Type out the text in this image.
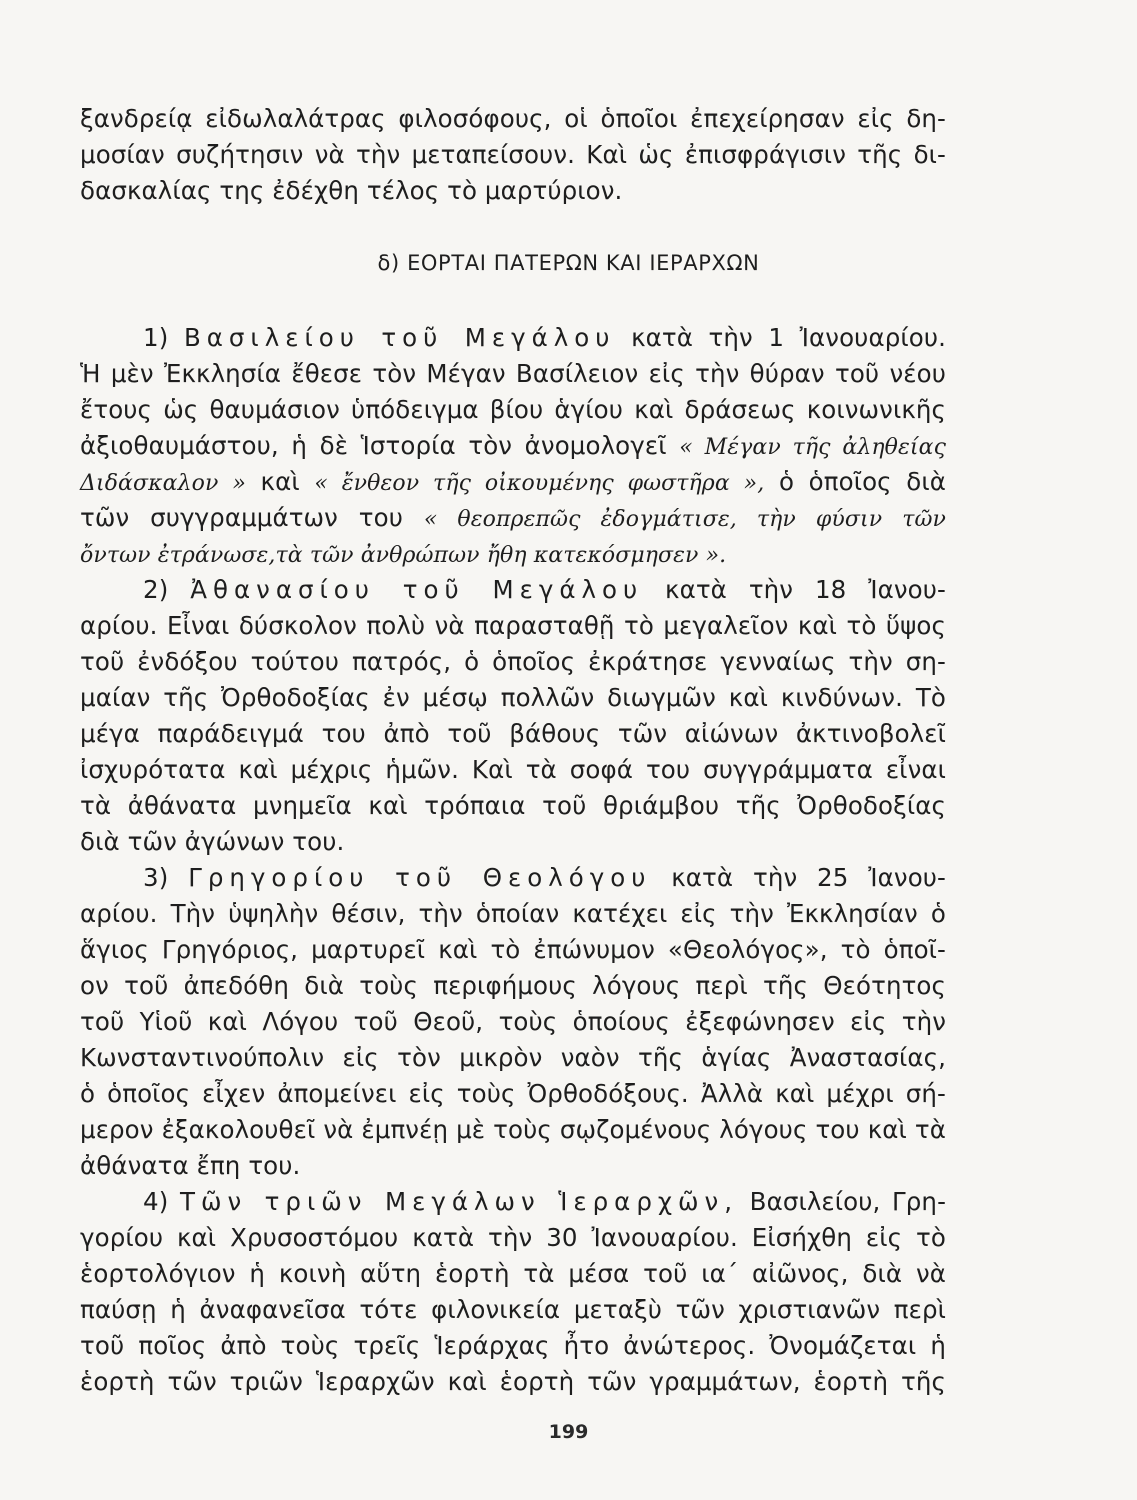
ξανδρείᾳ εἰδωλαλάτρας φιλοσόφους, οἱ ὁποῖοι ἐπεχείρησαν εἰς δη-
μοσίαν συζήτησιν νὰ τὴν μεταπείσουν. Καὶ ὡς ἐπισφράγισιν τῆς δι-
δασκαλίας της ἐδέχθη τέλος τὸ μαρτύριον.
δ) ΕΟΡΤΑΙ ΠΑΤΕΡΩΝ ΚΑΙ ΙΕΡΑΡΧΩΝ
1) Βασιλείου τοῦ Μεγάλου κατὰ τὴν 1 Ἰανουαρίου.
Ἡ μὲν Ἐκκλησία ἔθεσε τὸν Μέγαν Βασίλειον εἰς τὴν θύραν τοῦ νέου
ἔτους ὡς θαυμάσιον ὑπόδειγμα βίου ἁγίου καὶ δράσεως κοινωνικῆς
ἀξιοθαυμάστου, ἡ δὲ Ἱστορία τὸν ἀνομολογεῖ « Μέγαν τῆς ἀληθείας
Διδάσκαλον » καὶ « ἔνθεον τῆς οἰκουμένης φωστῆρα », ὁ ὁποῖος διὰ
τῶν συγγραμμάτων του « θεοπρεπῶς ἐδογμάτισε, τὴν φύσιν τῶν
ὄντων ἐτράνωσε,τὰ τῶν ἀνθρώπων ἤθη κατεκόσμησεν ».
2) Ἀθανασίου τοῦ Μεγάλου κατὰ τὴν 18 Ἰανου-
αρίου. Εἶναι δύσκολον πολὺ νὰ παρασταθῇ τὸ μεγαλεῖον καὶ τὸ ὕψος
τοῦ ἐνδόξου τούτου πατρός, ὁ ὁποῖος ἐκράτησε γενναίως τὴν ση-
μαίαν τῆς Ὀρθοδοξίας ἐν μέσῳ πολλῶν διωγμῶν καὶ κινδύνων. Τὸ
μέγα παράδειγμά του ἀπὸ τοῦ βάθους τῶν αἰώνων ἀκτινοβολεῖ
ἰσχυρότατα καὶ μέχρις ἡμῶν. Καὶ τὰ σοφά του συγγράμματα εἶναι
τὰ ἀθάνατα μνημεῖα καὶ τρόπαια τοῦ θριάμβου τῆς Ὀρθοδοξίας
διὰ τῶν ἀγώνων του.
3) Γρηγορίου τοῦ Θεολόγου κατὰ τὴν 25 Ἰανου-
αρίου. Τὴν ὑψηλὴν θέσιν, τὴν ὁποίαν κατέχει εἰς τὴν Ἐκκλησίαν ὁ
ἅγιος Γρηγόριος, μαρτυρεῖ καὶ τὸ ἐπώνυμον «Θεολόγος», τὸ ὁποῖ-
ον τοῦ ἀπεδόθη διὰ τοὺς περιφήμους λόγους περὶ τῆς Θεότητος
τοῦ Υἱοῦ καὶ Λόγου τοῦ Θεοῦ, τοὺς ὁποίους ἐξεφώνησεν εἰς τὴν
Κωνσταντινούπολιν εἰς τὸν μικρὸν ναὸν τῆς ἁγίας Ἀναστασίας,
ὁ ὁποῖος εἶχεν ἀπομείνει εἰς τοὺς Ὀρθοδόξους. Ἀλλὰ καὶ μέχρι σή-
μερον ἐξακολουθεῖ νὰ ἐμπνέῃ μὲ τοὺς σῳζομένους λόγους του καὶ τὰ
ἀθάνατα ἔπη του.
4) Τῶν τριῶν Μεγάλων Ἱεραρχῶν, Βασιλείου, Γρη-
γορίου καὶ Χρυσοστόμου κατὰ τὴν 30 Ἰανουαρίου. Εἰσήχθη εἰς τὸ
ἑορτολόγιον ἡ κοινὴ αὕτη ἑορτὴ τὰ μέσα τοῦ ια΄ αἰῶνος, διὰ νὰ
παύσῃ ἡ ἀναφανεῖσα τότε φιλονικεία μεταξὺ τῶν χριστιανῶν περὶ
τοῦ ποῖος ἀπὸ τοὺς τρεῖς Ἱεράρχας ἦτο ἀνώτερος. Ὀνομάζεται ἡ
ἑορτὴ τῶν τριῶν Ἱεραρχῶν καὶ ἑορτὴ τῶν γραμμάτων, ἑορτὴ τῆς
199
